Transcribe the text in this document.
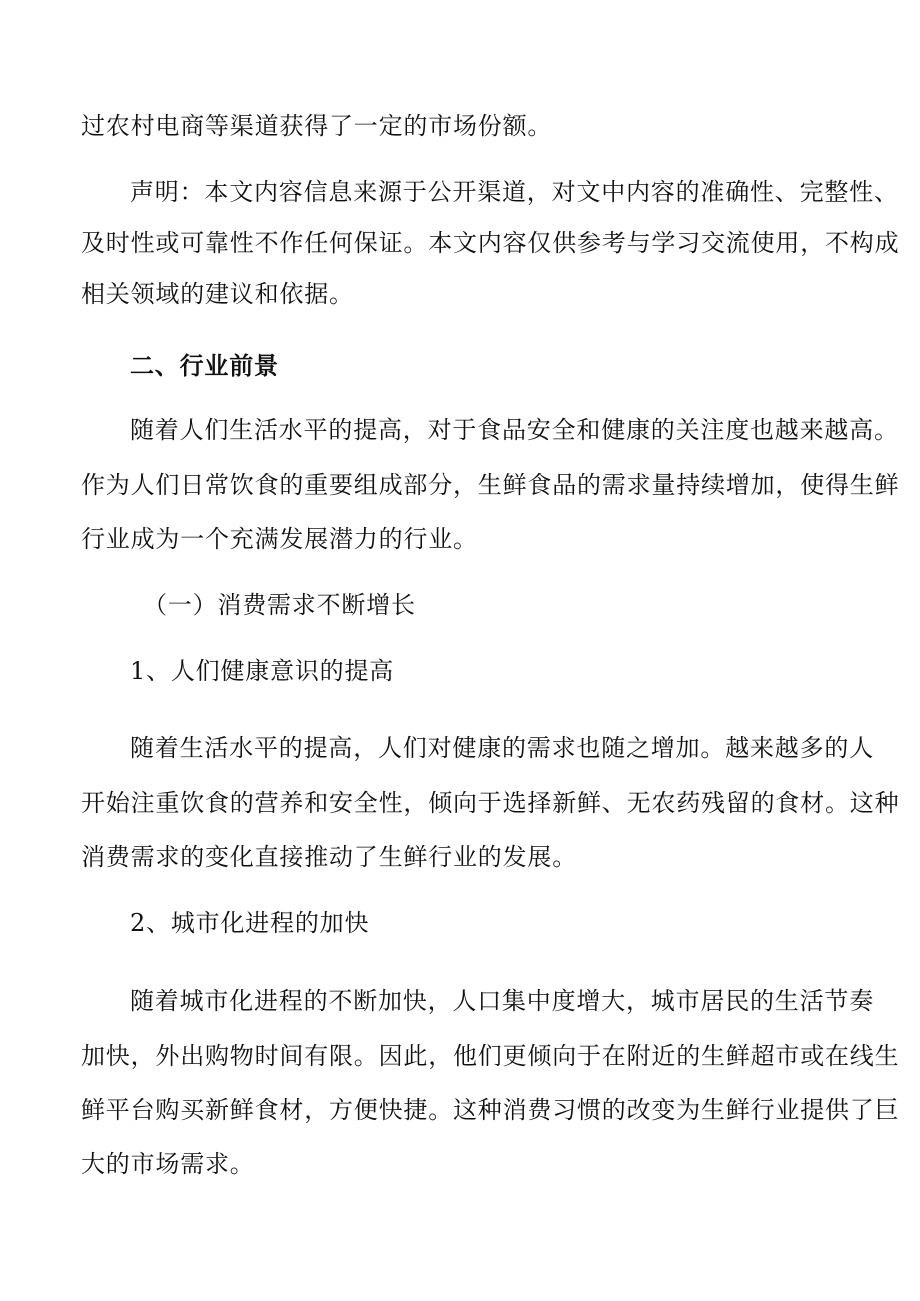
过农村电商等渠道获得了一定的市场份额。
声明：本文内容信息来源于公开渠道，对文中内容的准确性、完整性、
及时性或可靠性不作任何保证。本文内容仅供参考与学习交流使用，不构成
相关领域的建议和依据。
二、行业前景
随着人们生活水平的提高，对于食品安全和健康的关注度也越来越高。
作为人们日常饮食的重要组成部分，生鲜食品的需求量持续增加，使得生鲜
行业成为一个充满发展潜力的行业。
（一）消费需求不断增长
1、人们健康意识的提高
随着生活水平的提高，人们对健康的需求也随之增加。越来越多的人
开始注重饮食的营养和安全性，倾向于选择新鲜、无农药残留的食材。这种
消费需求的变化直接推动了生鲜行业的发展。
2、城市化进程的加快
随着城市化进程的不断加快，人口集中度增大，城市居民的生活节奏
加快，外出购物时间有限。因此，他们更倾向于在附近的生鲜超市或在线生
鲜平台购买新鲜食材，方便快捷。这种消费习惯的改变为生鲜行业提供了巨
大的市场需求。
